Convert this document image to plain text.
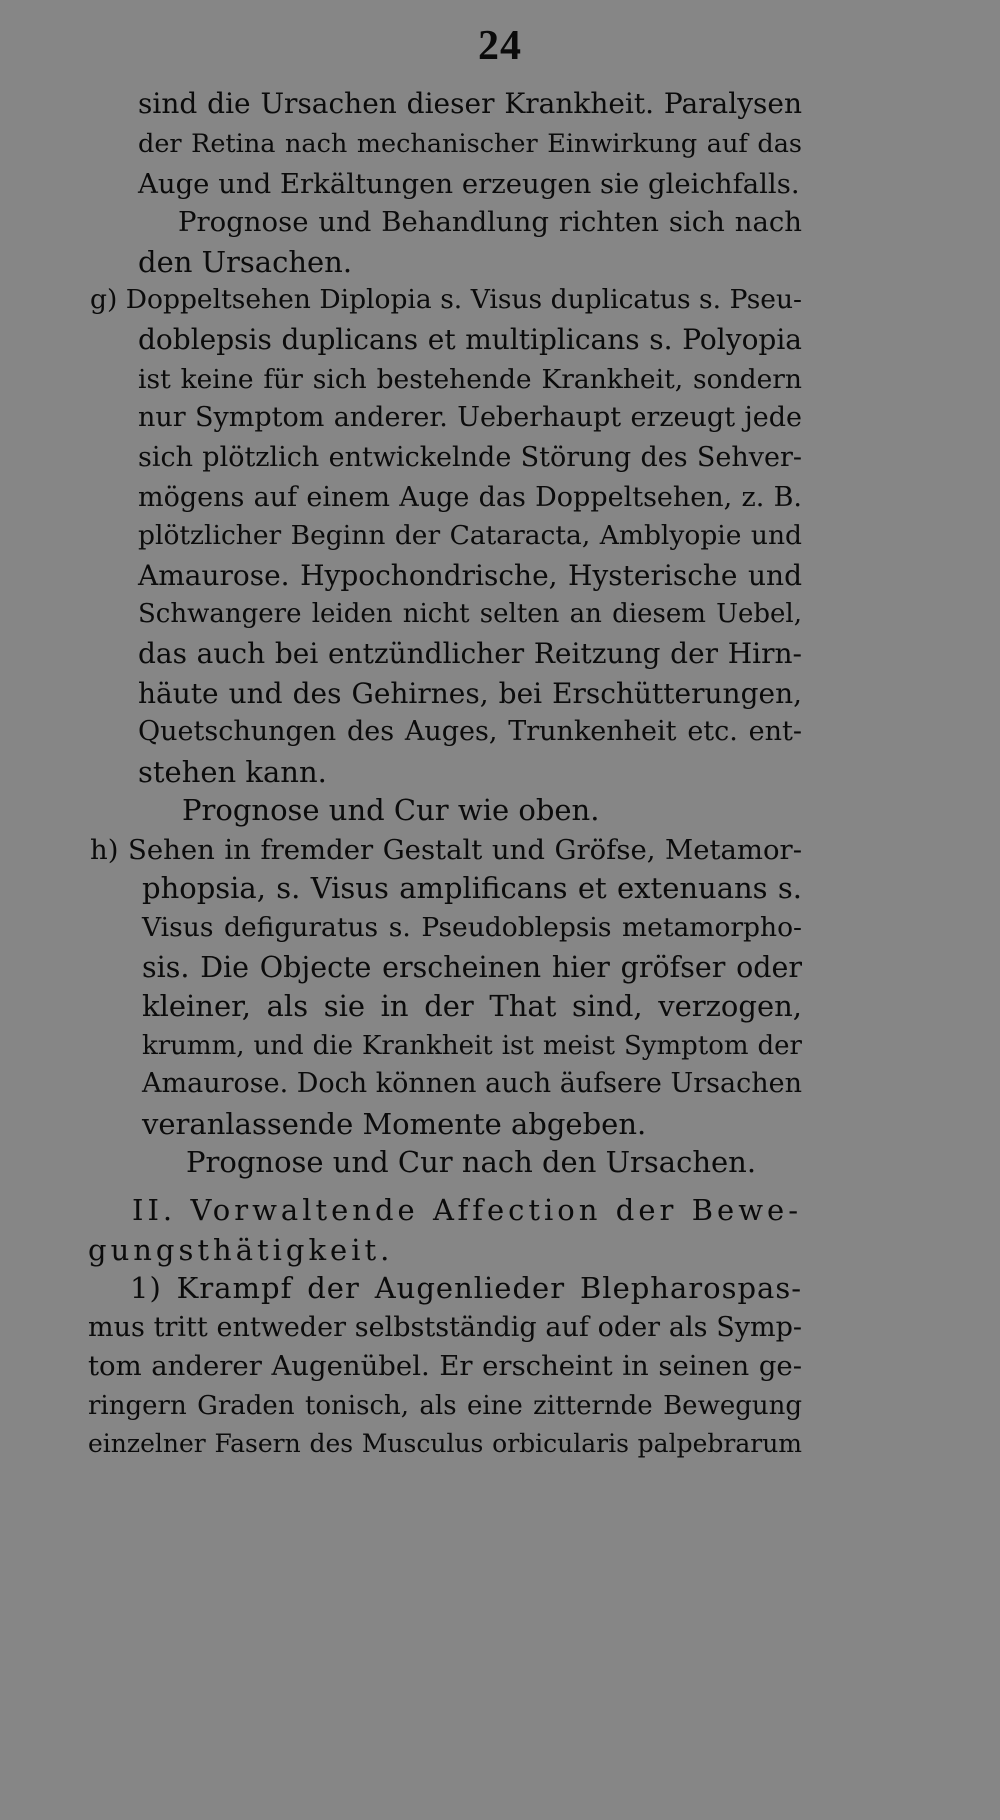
24
sind die Ursachen dieser Krankheit. Paralysen
der Retina nach mechanischer Einwirkung auf das
Auge und Erkältungen erzeugen sie gleichfalls.
Prognose und Behandlung richten sich nach
den Ursachen.
g) Doppeltsehen Diplopia s. Visus duplicatus s. Pseu-
doblepsis duplicans et multiplicans s. Polyopia
ist keine für sich bestehende Krankheit, sondern
nur Symptom anderer. Ueberhaupt erzeugt jede
sich plötzlich entwickelnde Störung des Sehver-
mögens auf einem Auge das Doppeltsehen, z. B.
plötzlicher Beginn der Cataracta, Amblyopie und
Amaurose. Hypochondrische, Hysterische und
Schwangere leiden nicht selten an diesem Uebel,
das auch bei entzündlicher Reitzung der Hirn-
häute und des Gehirnes, bei Erschütterungen,
Quetschungen des Auges, Trunkenheit etc. ent-
stehen kann.
Prognose und Cur wie oben.
h) Sehen in fremder Gestalt und Gröfse, Metamor-
phopsia, s. Visus amplificans et extenuans s.
Visus defiguratus s. Pseudoblepsis metamorpho-
sis. Die Objecte erscheinen hier gröfser oder
kleiner, als sie in der That sind, verzogen,
krumm, und die Krankheit ist meist Symptom der
Amaurose. Doch können auch äufsere Ursachen
veranlassende Momente abgeben.
Prognose und Cur nach den Ursachen.
II. Vorwaltende Affection der Bewe-
gungsthätigkeit.
1) Krampf der Augenlieder Blepharospas-
mus tritt entweder selbstständig auf oder als Symp-
tom anderer Augenübel. Er erscheint in seinen ge-
ringern Graden tonisch, als eine zitternde Bewegung
einzelner Fasern des Musculus orbicularis palpebrarum
